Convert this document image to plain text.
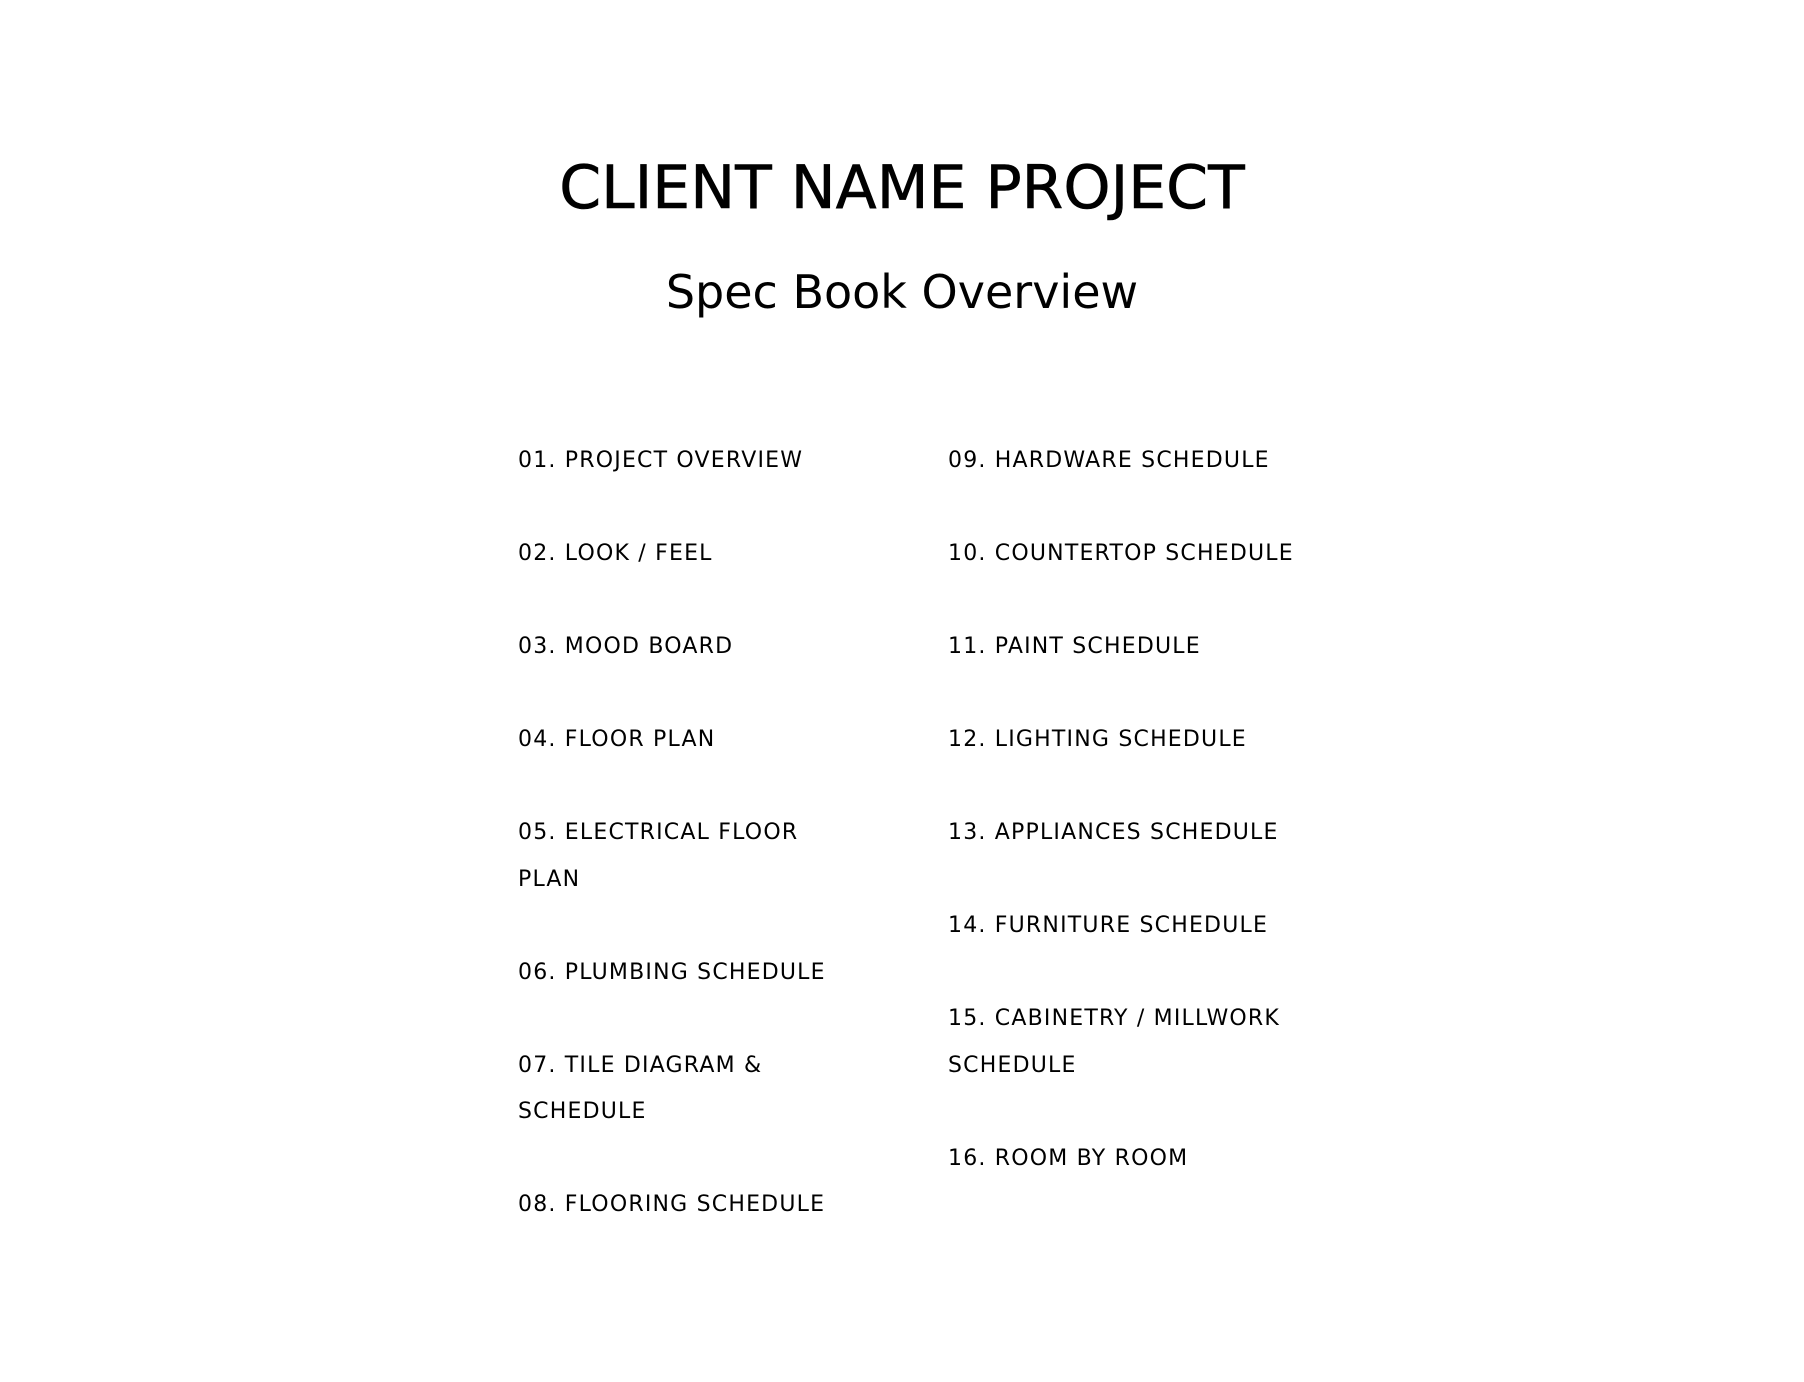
CLIENT NAME PROJECT
Spec Book Overview
01. PROJECT OVERVIEW
02. LOOK / FEEL
03. MOOD BOARD
04. FLOOR PLAN
05. ELECTRICAL FLOOR PLAN
06. PLUMBING SCHEDULE
07. TILE DIAGRAM & SCHEDULE
08. FLOORING SCHEDULE
09. HARDWARE SCHEDULE
10. COUNTERTOP SCHEDULE
11. PAINT SCHEDULE
12. LIGHTING SCHEDULE
13. APPLIANCES SCHEDULE
14. FURNITURE SCHEDULE
15. CABINETRY / MILLWORK SCHEDULE
16. ROOM BY ROOM
